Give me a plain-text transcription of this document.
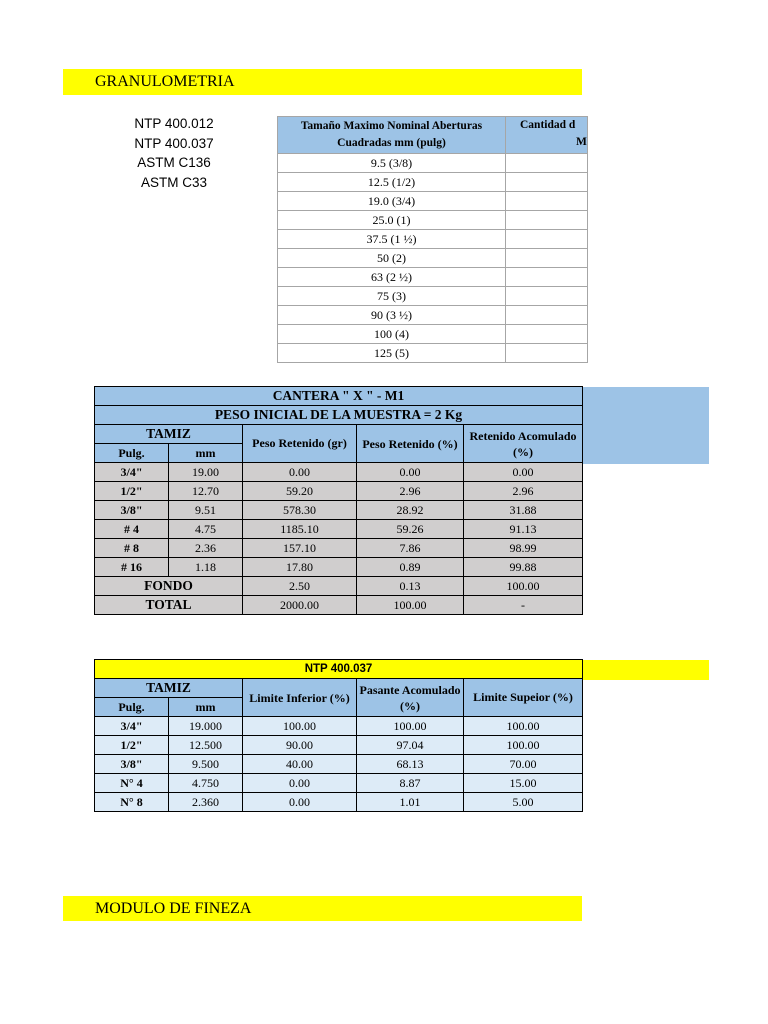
GRANULOMETRIA
NTP 400.012
NTP 400.037
ASTM C136
ASTM C33
Tamaño Maximo Nominal Aberturas Cuadradas mm (pulg)	Cantidad d
M
9.5 (3/8)	
12.5 (1/2)	
19.0 (3/4)	
25.0 (1)	
37.5 (1 ½)	
50 (2)	
63 (2 ½)	
75 (3)	
90 (3 ½)	
100 (4)	
125 (5)	
CANTERA " X " - M1				
PESO INICIAL DE LA MUESTRA = 2 Kg				
TAMIZ		Peso Retenido (gr)	Peso Retenido (%)	Retenido Acomulado (%)
Pulg.	mm			
3/4"	19.00	0.00	0.00	0.00
1/2"	12.70	59.20	2.96	2.96
3/8"	9.51	578.30	28.92	31.88
# 4	4.75	1185.10	59.26	91.13
# 8	2.36	157.10	7.86	98.99
# 16	1.18	17.80	0.89	99.88
FONDO		2.50	0.13	100.00
TOTAL		2000.00	100.00	-
NTP 400.037				
TAMIZ		Limite Inferior (%)	Pasante Acomulado (%)	Limite Supeior (%)
Pulg.	mm			
3/4"	19.000	100.00	100.00	100.00
1/2"	12.500	90.00	97.04	100.00
3/8"	9.500	40.00	68.13	70.00
N° 4	4.750	0.00	8.87	15.00
N° 8	2.360	0.00	1.01	5.00
MODULO DE FINEZA
